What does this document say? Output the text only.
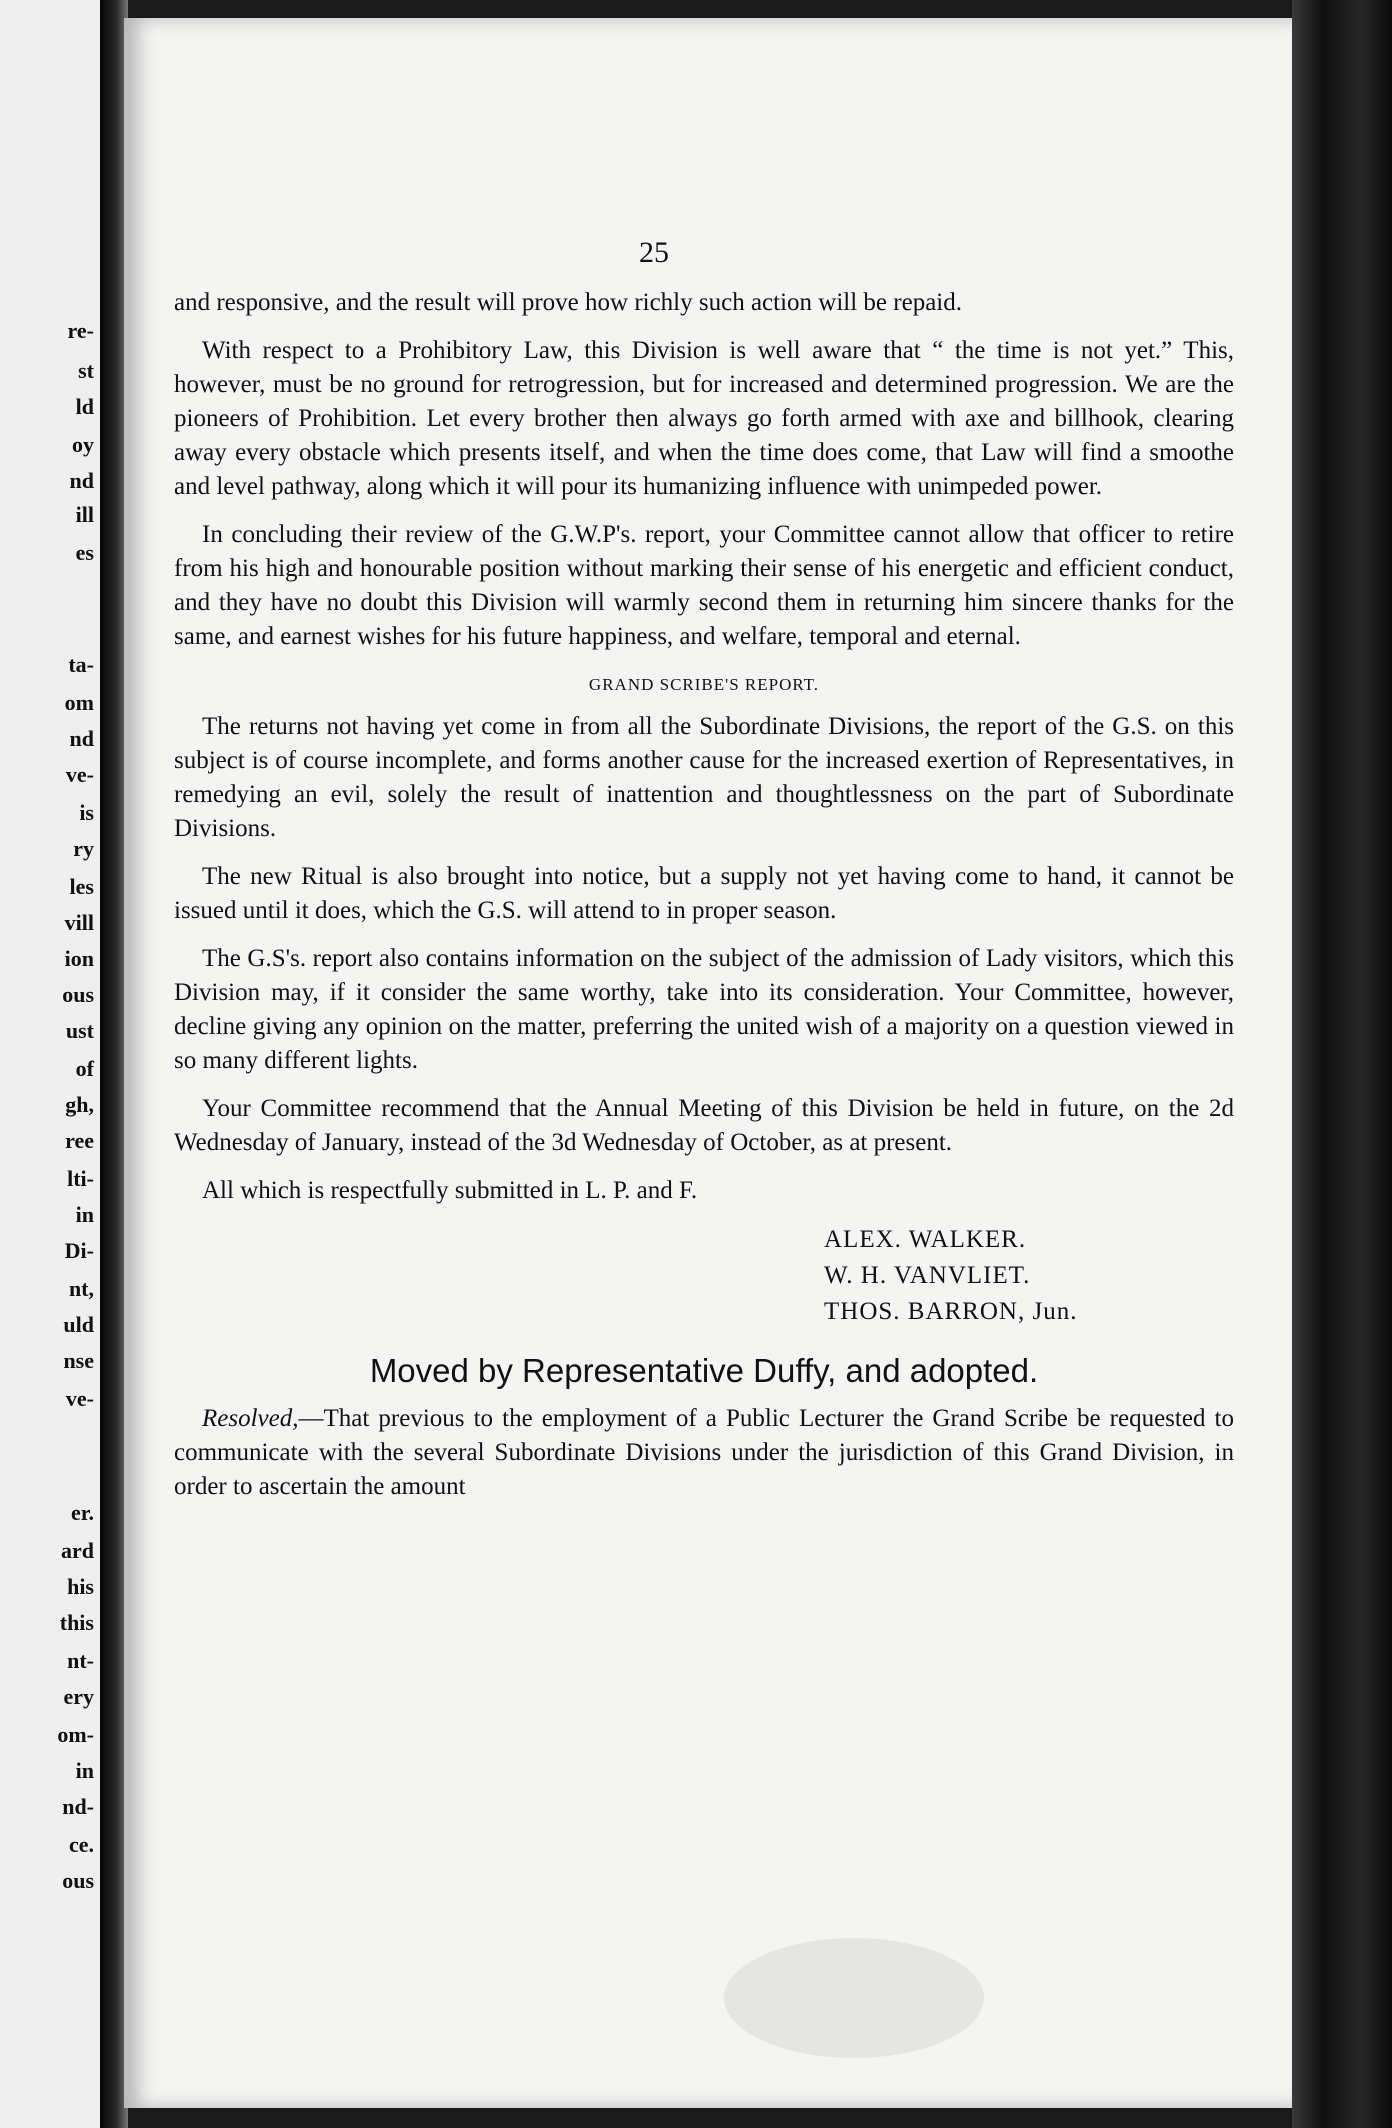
re-
st
ld
oy
nd
ill
es
ta-
om
nd
ve-
is
ry
les
vill
ion
ous
ust
of
gh,
ree
lti-
in
Di-
nt,
uld
nse
ve-
er.
ard
his
this
nt-
ery
om-
in
nd-
ce.
ous
25

and responsive, and the result will prove how richly such action will be repaid.

With respect to a Prohibitory Law, this Division is well aware that “ the time is not yet.” This, however, must be no ground for retrogression, but for increased and determined progression. We are the pioneers of Prohibition. Let every brother then always go forth armed with axe and billhook, clearing away every obstacle which presents itself, and when the time does come, that Law will find a smoothe and level pathway, along which it will pour its humanizing influence with unimpeded power.

In concluding their review of the G.W.P's. report, your Committee cannot allow that officer to retire from his high and honourable position without marking their sense of his energetic and efficient conduct, and they have no doubt this Division will warmly second them in returning him sincere thanks for the same, and earnest wishes for his future happiness, and welfare, temporal and eternal.

GRAND SCRIBE'S REPORT.

The returns not having yet come in from all the Subordinate Divisions, the report of the G.S. on this subject is of course incomplete, and forms another cause for the increased exertion of Representatives, in remedying an evil, solely the result of inattention and thoughtlessness on the part of Subordinate Divisions.

The new Ritual is also brought into notice, but a supply not yet having come to hand, it cannot be issued until it does, which the G.S. will attend to in proper season.

The G.S's. report also contains information on the subject of the admission of Lady visitors, which this Division may, if it consider the same worthy, take into its consideration. Your Committee, however, decline giving any opinion on the matter, preferring the united wish of a majority on a question viewed in so many different lights.

Your Committee recommend that the Annual Meeting of this Division be held in future, on the 2d Wednesday of January, instead of the 3d Wednesday of October, as at present.

All which is respectfully submitted in L. P. and F.

ALEX. WALKER.
W. H. VANVLIET.
THOS. BARRON, Jun.
Moved by Representative Duffy, and adopted.

Resolved,—That previous to the employment of a Public Lecturer the Grand Scribe be requested to communicate with the several Subordinate Divisions under the jurisdiction of this Grand Division, in order to ascertain the amount
